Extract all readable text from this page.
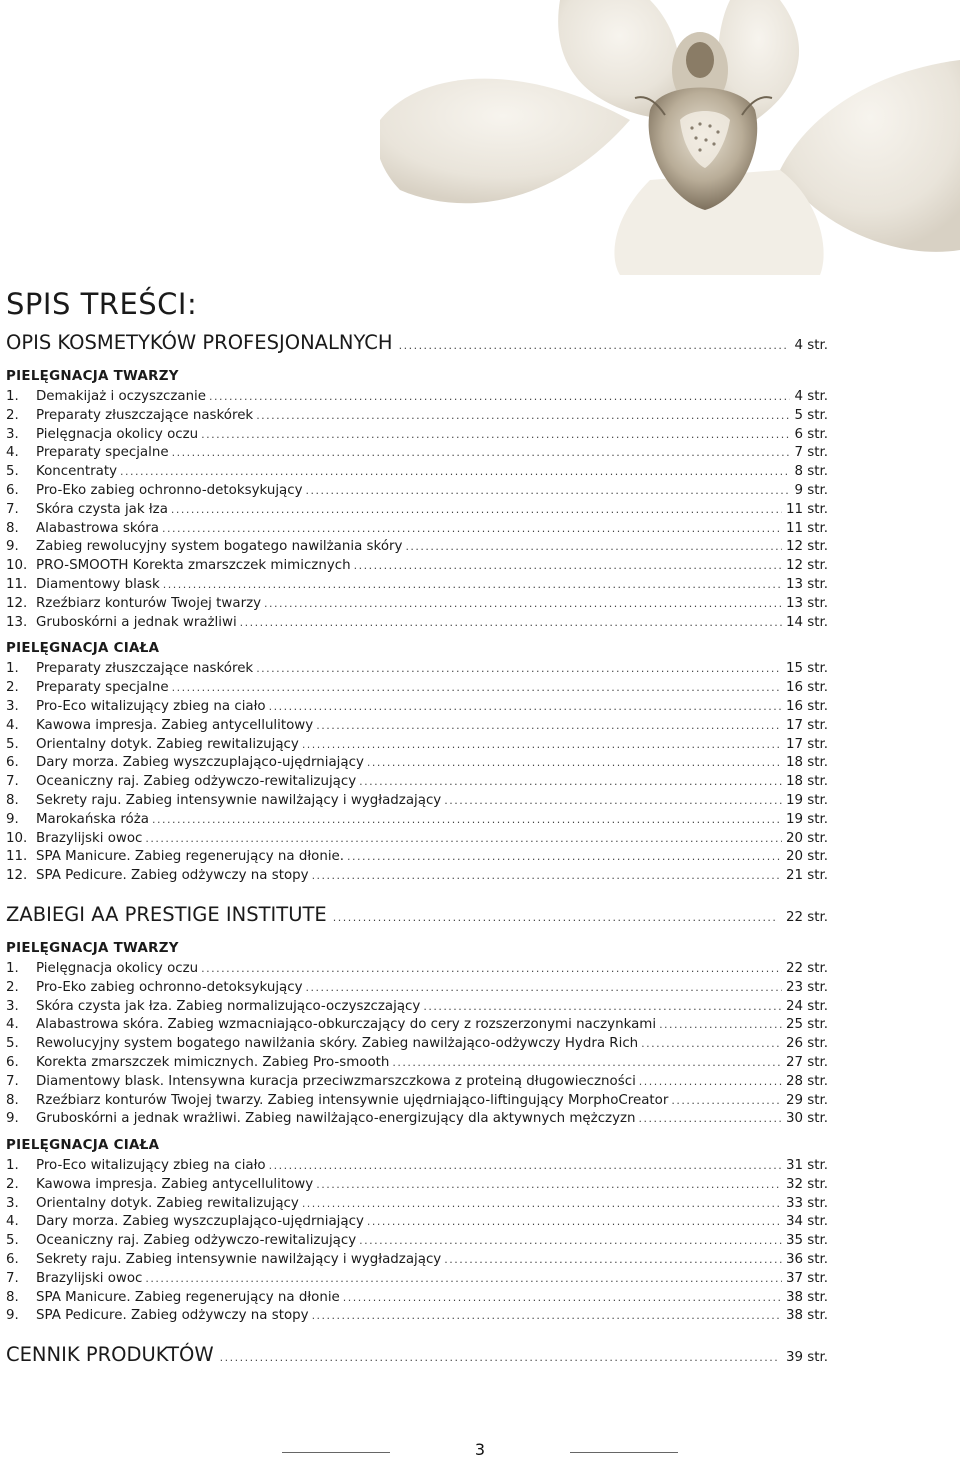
SPIS TREŚCI:
OPIS KOSMETYKÓW PROFESJONALNYCH .....	4 str.
PIELĘGNACJA TWARZY
1.	Demakijaż i oczyszczanie .....	4 str.
2.	Preparaty złuszczające naskórek .....	5 str.
3.	Pielęgnacja okolicy oczu .....	6 str.
4.	Preparaty specjalne .....	7 str.
5.	Koncentraty .....	8 str.
6.	Pro-Eko zabieg ochronno-detoksykujący .....	9 str.
7.	Skóra czysta jak łza .....	11 str.
8.	Alabastrowa skóra .....	11 str.
9.	Zabieg rewolucyjny system bogatego nawilżania skóry .....	12 str.
10. PRO-SMOOTH Korekta zmarszczek mimicznych .....	12 str.
11. Diamentowy blask .....	13 str.
12. Rzeźbiarz konturów Twojej twarzy .....	13 str.
13. Gruboskórni a jednak wrażliwi .....	14 str.
PIELĘGNACJA CIAŁA
1.	Preparaty złuszczające naskórek .....	15 str.
2.	Preparaty specjalne .....	16 str.
3.	Pro-Eco witalizujący zbieg na ciało .....	16 str.
4.	Kawowa impresja. Zabieg antycellulitowy .....	17 str.
5.	Orientalny dotyk. Zabieg rewitalizujący .....	17 str.
6.	Dary morza. Zabieg wyszczuplająco-ujędrniający .....	18 str.
7.	Oceaniczny raj. Zabieg odżywczo-rewitalizujący .....	18 str.
8.	Sekrety raju. Zabieg intensywnie nawilżający i wygładzający .....	19 str.
9.	Marokańska róża .....	19 str.
10. Brazylijski owoc .....	20 str.
11. SPA Manicure. Zabieg regenerujący na dłonie. .....	20 str.
12. SPA Pedicure. Zabieg odżywczy na stopy .....	21 str.
ZABIEGI AA PRESTIGE INSTITUTE .....	22 str.
PIELĘGNACJA TWARZY
1.	Pielęgnacja okolicy oczu .....	22 str.
2.	Pro-Eko zabieg ochronno-detoksykujący .....	23 str.
3.	Skóra czysta jak łza. Zabieg normalizująco-oczyszczający .....	24 str.
4.	Alabastrowa skóra. Zabieg wzmacniająco-obkurczający do cery z rozszerzonymi naczynkami .....	25 str.
5.	Rewolucyjny system bogatego nawilżania skóry. Zabieg nawilżająco-odżywczy Hydra Rich .....	26 str.
6.	Korekta zmarszczek mimicznych. Zabieg Pro-smooth .....	27 str.
7.	Diamentowy blask. Intensywna kuracja przeciwzmarszczkowa z proteiną długowieczności .....	28 str.
8.	Rzeźbiarz konturów Twojej twarzy. Zabieg intensywnie ujędrniająco-liftingujący MorphoCreator .....	29 str.
9.	Gruboskórni a jednak wrażliwi. Zabieg nawilżająco-energizujący dla aktywnych mężczyzn .....	30 str.
PIELĘGNACJA CIAŁA
1.	Pro-Eco witalizujący zbieg na ciało .....	31 str.
2.	Kawowa impresja. Zabieg antycellulitowy .....	32 str.
3.	Orientalny dotyk. Zabieg rewitalizujący .....	33 str.
4.	Dary morza. Zabieg wyszczuplająco-ujędrniający .....	34 str.
5.	Oceaniczny raj. Zabieg odżywczo-rewitalizujący .....	35 str.
6.	Sekrety raju. Zabieg intensywnie nawilżający i wygładzający .....	36 str.
7.	Brazylijski owoc .....	37 str.
8.	SPA Manicure. Zabieg regenerujący na dłonie .....	38 str.
9.	SPA Pedicure. Zabieg odżywczy na stopy .....	38 str.
CENNIK PRODUKTÓW .....	39 str.
3
